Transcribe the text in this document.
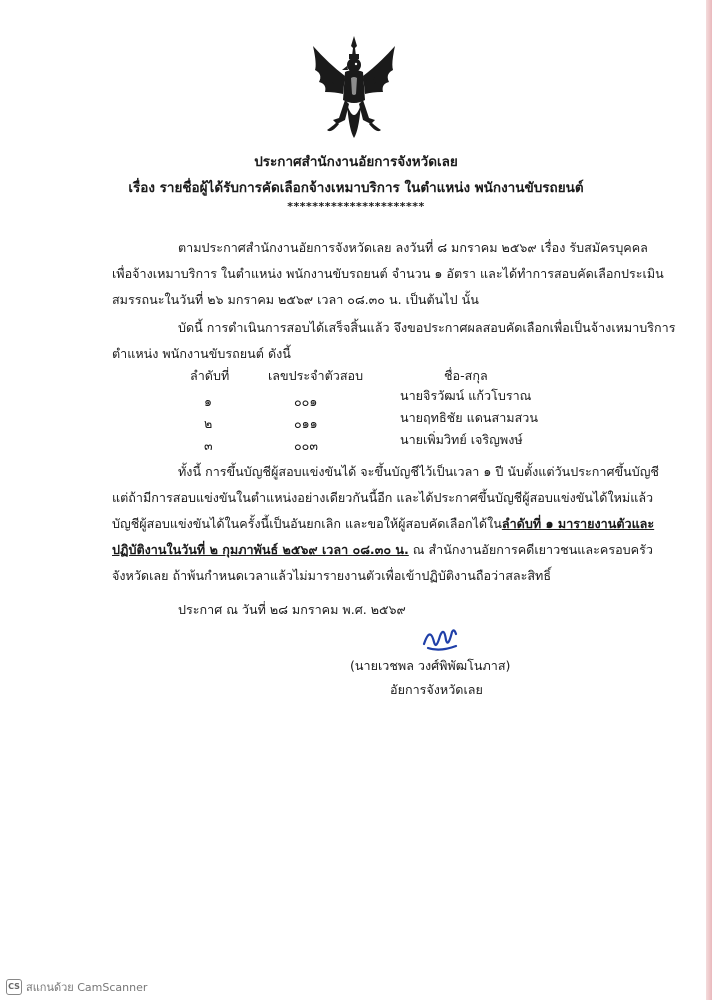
ประกาศสำนักงานอัยการจังหวัดเลย
เรื่อง รายชื่อผู้ได้รับการคัดเลือกจ้างเหมาบริการ ในตำแหน่ง พนักงานขับรถยนต์
**********************
ตามประกาศสำนักงานอัยการจังหวัดเลย ลงวันที่ ๘ มกราคม ๒๕๖๙ เรื่อง รับสมัครบุคคล
เพื่อจ้างเหมาบริการ ในตำแหน่ง พนักงานขับรถยนต์ จำนวน ๑ อัตรา และได้ทำการสอบคัดเลือกประเมิน
สมรรถนะในวันที่ ๒๖ มกราคม ๒๕๖๙ เวลา ๐๘.๓๐ น. เป็นต้นไป นั้น
บัดนี้ การดำเนินการสอบได้เสร็จสิ้นแล้ว จึงขอประกาศผลสอบคัดเลือกเพื่อเป็นจ้างเหมาบริการ
ตำแหน่ง พนักงานขับรถยนต์ ดังนี้
ลำดับที่	เลขประจำตัวสอบ	ชื่อ-สกุล
๑	๐๐๑	นายจิรวัฒน์ แก้วโบราณ
๒	๐๑๑	นายฤทธิชัย แดนสามสวน
๓	๐๐๓	นายเพิ่มวิทย์ เจริญพงษ์
ทั้งนี้ การขึ้นบัญชีผู้สอบแข่งขันได้ จะขึ้นบัญชีไว้เป็นเวลา ๑ ปี นับตั้งแต่วันประกาศขึ้นบัญชี
แต่ถ้ามีการสอบแข่งขันในตำแหน่งอย่างเดียวกันนี้อีก และได้ประกาศขึ้นบัญชีผู้สอบแข่งขันได้ใหม่แล้ว
บัญชีผู้สอบแข่งขันได้ในครั้งนี้เป็นอันยกเลิก และขอให้ผู้สอบคัดเลือกได้ในลำดับที่ ๑ มารายงานตัวและ
ปฏิบัติงานในวันที่ ๒ กุมภาพันธ์ ๒๕๖๙ เวลา ๐๘.๓๐ น. ณ สำนักงานอัยการคดีเยาวชนและครอบครัว
จังหวัดเลย ถ้าพ้นกำหนดเวลาแล้วไม่มารายงานตัวเพื่อเข้าปฏิบัติงานถือว่าสละสิทธิ์
ประกาศ ณ วันที่ ๒๘ มกราคม พ.ศ. ๒๕๖๙
(นายเวชพล วงศ์พิพัฒโนภาส)
อัยการจังหวัดเลย
CS สแกนด้วย CamScanner
